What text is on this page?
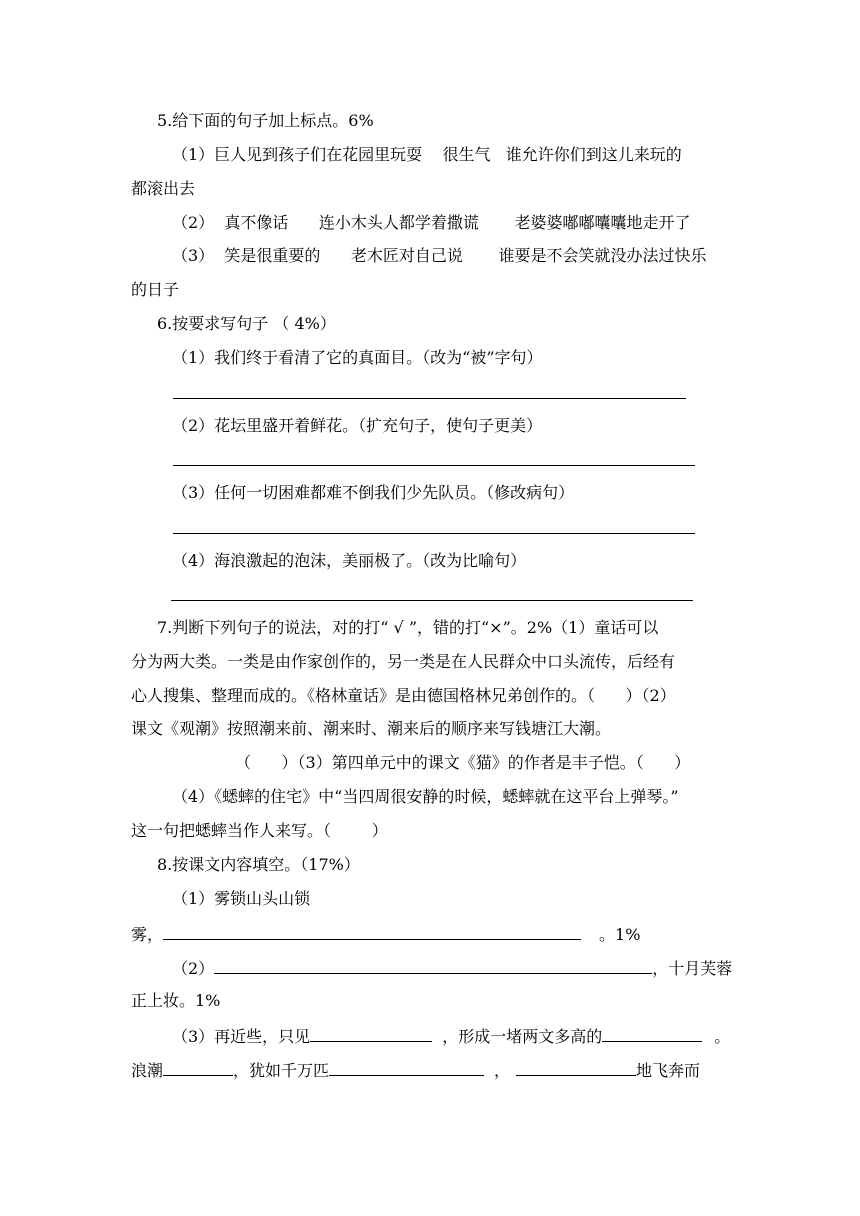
5.给下面的句子加上标点。6%
（1）巨人见到孩子们在花园里玩耍    很生气   谁允许你们到这儿来玩的
都滚出去
（2）  真不像话      连小木头人都学着撒谎       老婆婆嘟嘟囔囔地走开了
（3）  笑是很重要的      老木匠对自己说       谁要是不会笑就没办法过快乐
的日子
6.按要求写句子 （ 4%）
（1）我们终于看清了它的真面目。（改为“被”字句）
（2）花坛里盛开着鲜花。（扩充句子，使句子更美）
（3）任何一切困难都难不倒我们少先队员。（修改病句）
（4）海浪激起的泡沫，美丽极了。（改为比喻句）
7.判断下列句子的说法，对的打“ √ ”，错的打“×”。2%（1）童话可以
分为两大类。一类是由作家创作的，另一类是在人民群众中口头流传，后经有
心人搜集、整理而成的。《格林童话》是由德国格林兄弟创作的。（      ）（2）
课文《观潮》按照潮来前、潮来时、潮来后的顺序来写钱塘江大潮。
（      ）（3）第四单元中的课文《猫》的作者是丰子恺。（      ）
（4）《蟋蟀的住宅》中“当四周很安静的时候，蟋蟀就在这平台上弹琴。”
这一句把蟋蟀当作人来写。（        ）
8.按课文内容填空。（17%）
（1）雾锁山头山锁
雾，	。1%
（2）	，十月芙蓉
正上妆。1%
（3）再近些，只见	，形成一堵两文多高的	。
浪潮	，犹如千万匹	，	地飞奔而
